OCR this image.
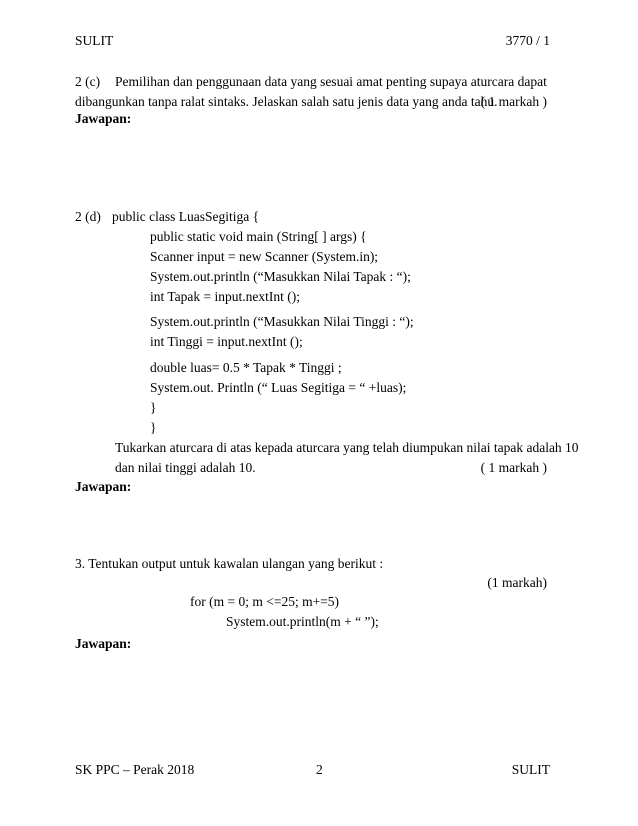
SULIT	3770 / 1
2 (c) Pemilihan dan penggunaan data yang sesuai amat penting supaya aturcara dapat
dibangunkan tanpa ralat sintaks. Jelaskan salah satu jenis data yang anda tahu.
( 1 markah )
Jawapan:
2 (d) public class LuasSegitiga {
public static void main (String[ ] args) {
Scanner input = new Scanner (System.in);
System.out.println (“Masukkan Nilai Tapak : “);
int Tapak = input.nextInt ();
System.out.println (“Masukkan Nilai Tinggi : “);
int Tinggi = input.nextInt ();
double luas= 0.5 * Tapak * Tinggi ;
System.out. Println (“ Luas Segitiga = “ +luas);
}
}
Tukarkan aturcara di atas kepada aturcara yang telah diumpukan nilai tapak adalah 10
dan nilai tinggi adalah 10.	( 1 markah )
Jawapan:
3. Tentukan output untuk kawalan ulangan yang berikut :
(1 markah)
for (m = 0; m <=25; m+=5)
System.out.println(m + “ ”);
Jawapan:
SK PPC – Perak 2018	2	SULIT
